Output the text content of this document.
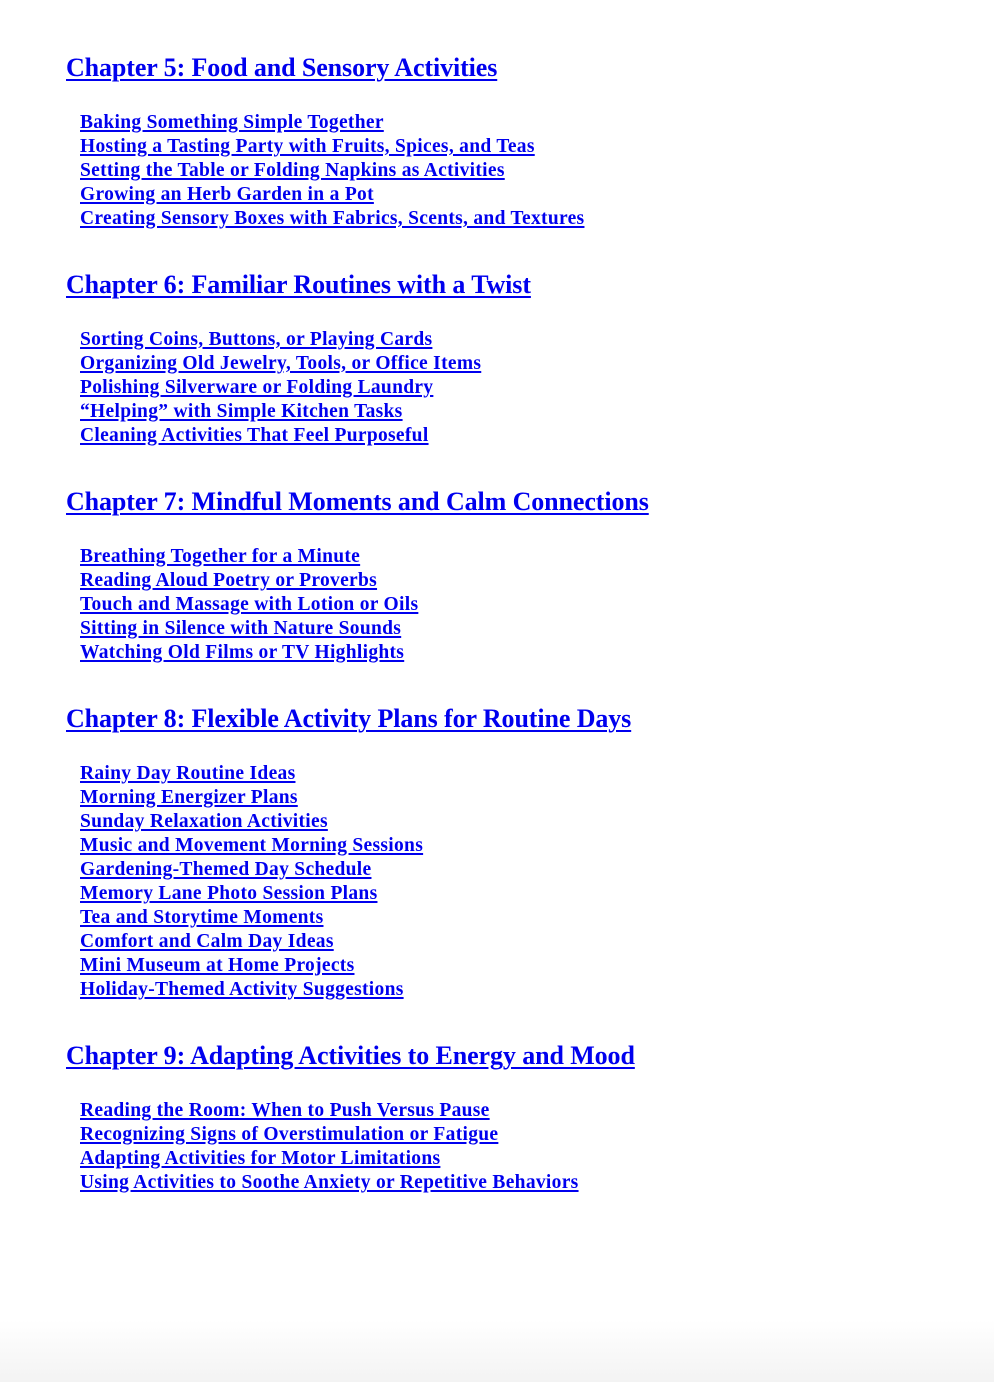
Chapter 5: Food and Sensory Activities
Baking Something Simple Together
Hosting a Tasting Party with Fruits, Spices, and Teas
Setting the Table or Folding Napkins as Activities
Growing an Herb Garden in a Pot
Creating Sensory Boxes with Fabrics, Scents, and Textures
Chapter 6: Familiar Routines with a Twist
Sorting Coins, Buttons, or Playing Cards
Organizing Old Jewelry, Tools, or Office Items
Polishing Silverware or Folding Laundry
“Helping” with Simple Kitchen Tasks
Cleaning Activities That Feel Purposeful
Chapter 7: Mindful Moments and Calm Connections
Breathing Together for a Minute
Reading Aloud Poetry or Proverbs
Touch and Massage with Lotion or Oils
Sitting in Silence with Nature Sounds
Watching Old Films or TV Highlights
Chapter 8: Flexible Activity Plans for Routine Days
Rainy Day Routine Ideas
Morning Energizer Plans
Sunday Relaxation Activities
Music and Movement Morning Sessions
Gardening-Themed Day Schedule
Memory Lane Photo Session Plans
Tea and Storytime Moments
Comfort and Calm Day Ideas
Mini Museum at Home Projects
Holiday-Themed Activity Suggestions
Chapter 9: Adapting Activities to Energy and Mood
Reading the Room: When to Push Versus Pause
Recognizing Signs of Overstimulation or Fatigue
Adapting Activities for Motor Limitations
Using Activities to Soothe Anxiety or Repetitive Behaviors
